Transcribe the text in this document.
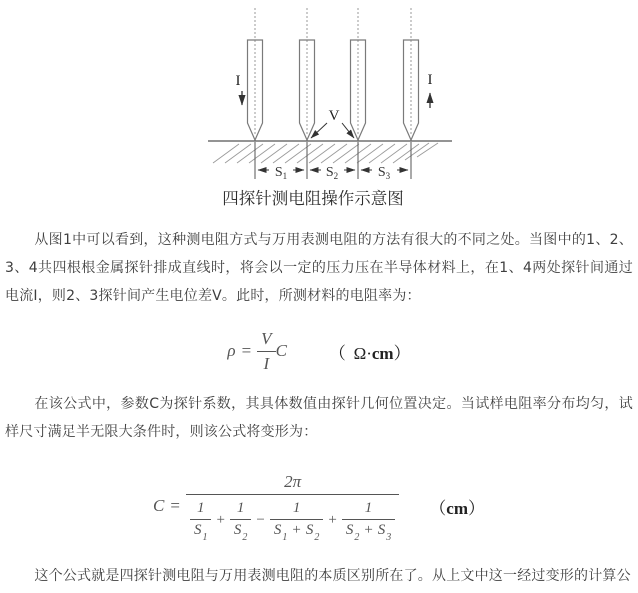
$S_1$	$S_2$	$S_3$
I	I
V
四探针测电阻操作示意图

从图1中可以看到，这种测电阻方式与万用表测电阻的方法有很大的不同之处。当图中的1、2、3、4共四根根金属探针排成直线时，将会以一定的压力压在半导体材料上，在1、4两处探针间通过电流I，则2、3探针间产生电位差V。此时，所测材料的电阻率为：

$\rho = \frac{V}{I}$ C （  Ω·cm）

在该公式中，参数C为探针系数，其具体数值由探针几何位置决定。当试样电阻率分布均匀，试样尺寸满足半无限大条件时，则该公式将变形为：

C =
2π
$\frac{1}{S_1} + \frac{1}{S_2} - \frac{1}{S_1 + S_2} + \frac{1}{S_2 + S_3} (cm)$

这个公式就是四探针测电阻与万用表测电阻的本质区别所在了。从上文中这一经过变形的计算公
